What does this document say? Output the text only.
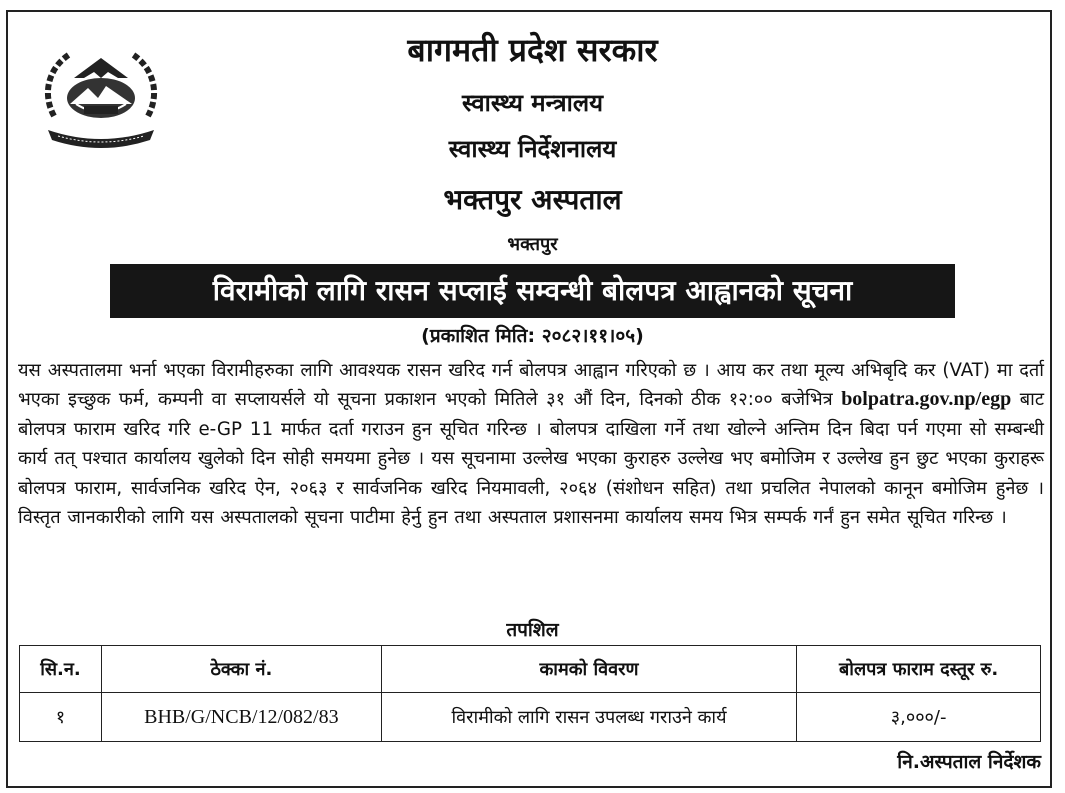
बागमती प्रदेश सरकार
स्वास्थ्य मन्त्रालय
स्वास्थ्य निर्देशनालय
भक्तपुर अस्पताल
भक्तपुर
विरामीको लागि रासन सप्लाई सम्वन्धी बोलपत्र आह्वानको सूचना
(प्रकाशित मिति: २०८२।११।०५)
यस अस्पतालमा भर्ना भएका विरामीहरुका लागि आवश्यक रासन खरिद गर्न बोलपत्र आह्वान गरिएको छ । आय कर तथा मूल्य अभिबृदि कर (VAT) मा दर्ता भएका इच्छुक फर्म, कम्पनी वा सप्लायर्सले यो सूचना प्रकाशन भएको मितिले ३१ औं दिन, दिनको ठीक १२:०० बजेभित्र bolpatra.gov.np/egp बाट बोलपत्र फाराम खरिद गरि e-GP 11 मार्फत दर्ता गराउन हुन सूचित गरिन्छ । बोलपत्र दाखिला गर्ने तथा खोल्ने अन्तिम दिन बिदा पर्न गएमा सो सम्बन्धी कार्य तत् पश्चात कार्यालय खुलेको दिन सोही समयमा हुनेछ । यस सूचनामा उल्लेख भएका कुराहरु उल्लेख भए बमोजिम र उल्लेख हुन छुट भएका कुराहरू बोलपत्र फाराम, सार्वजनिक खरिद ऐन, २०६३ र सार्वजनिक खरिद नियमावली, २०६४ (संशोधन सहित) तथा प्रचलित नेपालको कानून बमोजिम हुनेछ । विस्तृत जानकारीको लागि यस अस्पतालको सूचना पाटीमा हेर्नु हुन तथा अस्पताल प्रशासनमा कार्यालय समय भित्र सम्पर्क गर्नं हुन समेत सूचित गरिन्छ ।
तपशिल
सि.न.	ठेक्का नं.	कामको विवरण	बोलपत्र फाराम दस्तूर रु.
१	BHB/G/NCB/12/082/83	विरामीको लागि रासन उपलब्ध गराउने कार्य	३,०००/-
नि.अस्पताल निर्देशक
